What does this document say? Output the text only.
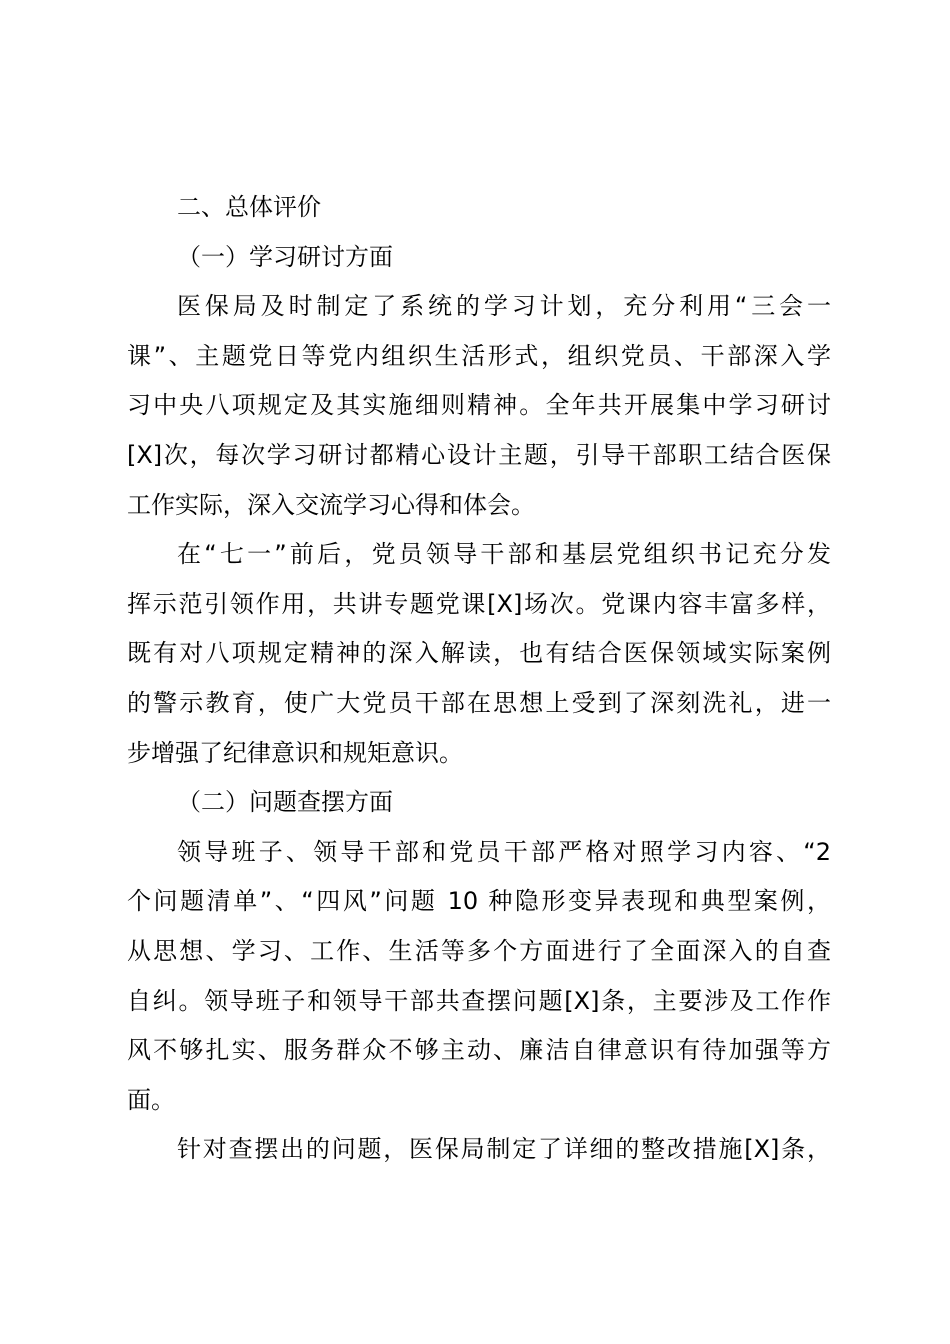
二、总体评价
（一）学习研讨方面
医保局及时制定了系统的学习计划，充分利用“三会一
课”、主题党日等党内组织生活形式，组织党员、干部深入学
习中央八项规定及其实施细则精神。全年共开展集中学习研讨
[X]次，每次学习研讨都精心设计主题，引导干部职工结合医保
工作实际，深入交流学习心得和体会。
在“七一”前后，党员领导干部和基层党组织书记充分发
挥示范引领作用，共讲专题党课[X]场次。党课内容丰富多样，
既有对八项规定精神的深入解读，也有结合医保领域实际案例
的警示教育，使广大党员干部在思想上受到了深刻洗礼，进一
步增强了纪律意识和规矩意识。
（二）问题查摆方面
领导班子、领导干部和党员干部严格对照学习内容、“2
个问题清单”、“四风”问题 10 种隐形变异表现和典型案例，
从思想、学习、工作、生活等多个方面进行了全面深入的自查
自纠。领导班子和领导干部共查摆问题[X]条，主要涉及工作作
风不够扎实、服务群众不够主动、廉洁自律意识有待加强等方
面。
针对查摆出的问题，医保局制定了详细的整改措施[X]条，
